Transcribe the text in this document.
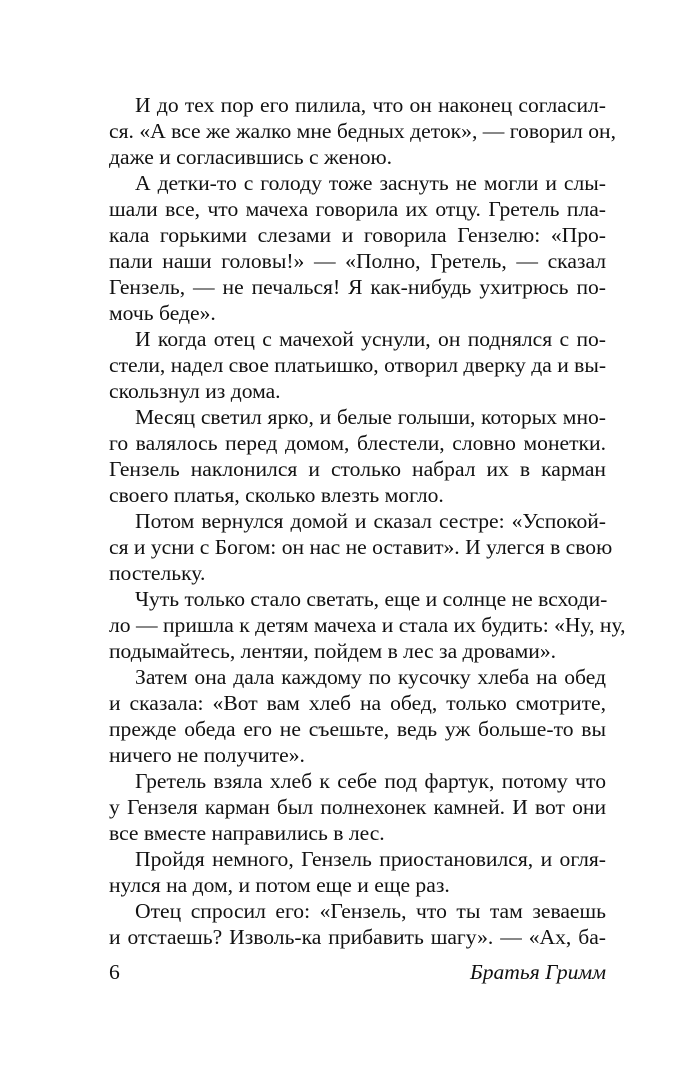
И до тех пор его пилила, что он наконец согласил-
ся. «А все же жалко мне бедных деток», — говорил он,
даже и согласившись с женою.
А детки-то с голоду тоже заснуть не могли и слы-
шали все, что мачеха говорила их отцу. Гретель пла-
кала горькими слезами и говорила Гензелю: «Про-
пали наши головы!» — «Полно, Гретель, — сказал
Гензель, — не печалься! Я как-нибудь ухитрюсь по-
мочь беде».
И когда отец с мачехой уснули, он поднялся с по-
стели, надел свое платьишко, отворил дверку да и вы-
скользнул из дома.
Месяц светил ярко, и белые голыши, которых мно-
го валялось перед домом, блестели, словно монетки.
Гензель наклонился и столько набрал их в карман
своего платья, сколько влезть могло.
Потом вернулся домой и сказал сестре: «Успокой-
ся и усни с Богом: он нас не оставит». И улегся в свою
постельку.
Чуть только стало светать, еще и солнце не всходи-
ло — пришла к детям мачеха и стала их будить: «Ну, ну,
подымайтесь, лентяи, пойдем в лес за дровами».
Затем она дала каждому по кусочку хлеба на обед
и сказала: «Вот вам хлеб на обед, только смотрите,
прежде обеда его не съешьте, ведь уж больше-то вы
ничего не получите».
Гретель взяла хлеб к себе под фартук, потому что
у Гензеля карман был полнехонек камней. И вот они
все вместе направились в лес.
Пройдя немного, Гензель приостановился, и огля-
нулся на дом, и потом еще и еще раз.
Отец спросил его: «Гензель, что ты там зеваешь
и отстаешь? Изволь-ка прибавить шагу». — «Ах, ба-
6	Братья Гримм
